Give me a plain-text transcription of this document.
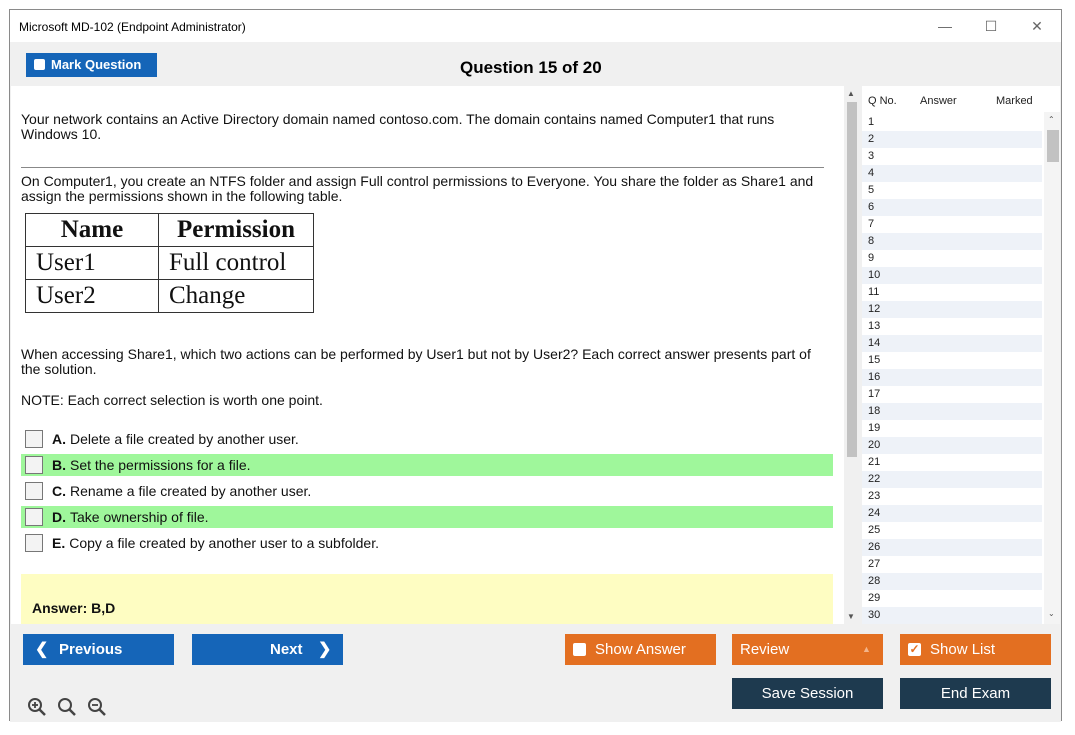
Microsoft MD-102 (Endpoint Administrator)	—	☐	✕
Mark Question	Question 15 of 20
Your network contains an Active Directory domain named contoso.com. The domain contains named Computer1 that runs Windows 10.
On Computer1, you create an NTFS folder and assign Full control permissions to Everyone. You share the folder as Share1 and assign the permissions shown in the following table.
Name	Permission
User1	Full control
User2	Change
When accessing Share1, which two actions can be performed by User1 but not by User2? Each correct answer presents part of the solution.
NOTE: Each correct selection is worth one point.
A. Delete a file created by another user.
B. Set the permissions for a file.
C. Rename a file created by another user.
D. Take ownership of file.
E. Copy a file created by another user to a subfolder.
Answer: B,D
▲
▼
Q No. Answer	Marked
1
2
3
4
5
6
7
8
9
10
11
12
13
14
15
16
17
18
19
20
21
22
23
24
25
26
27
28
29
30
⌃
⌄
❮ Previous	Next ❯	Show Answer	Review	▲	✓ Show List
Save Session	End Exam
